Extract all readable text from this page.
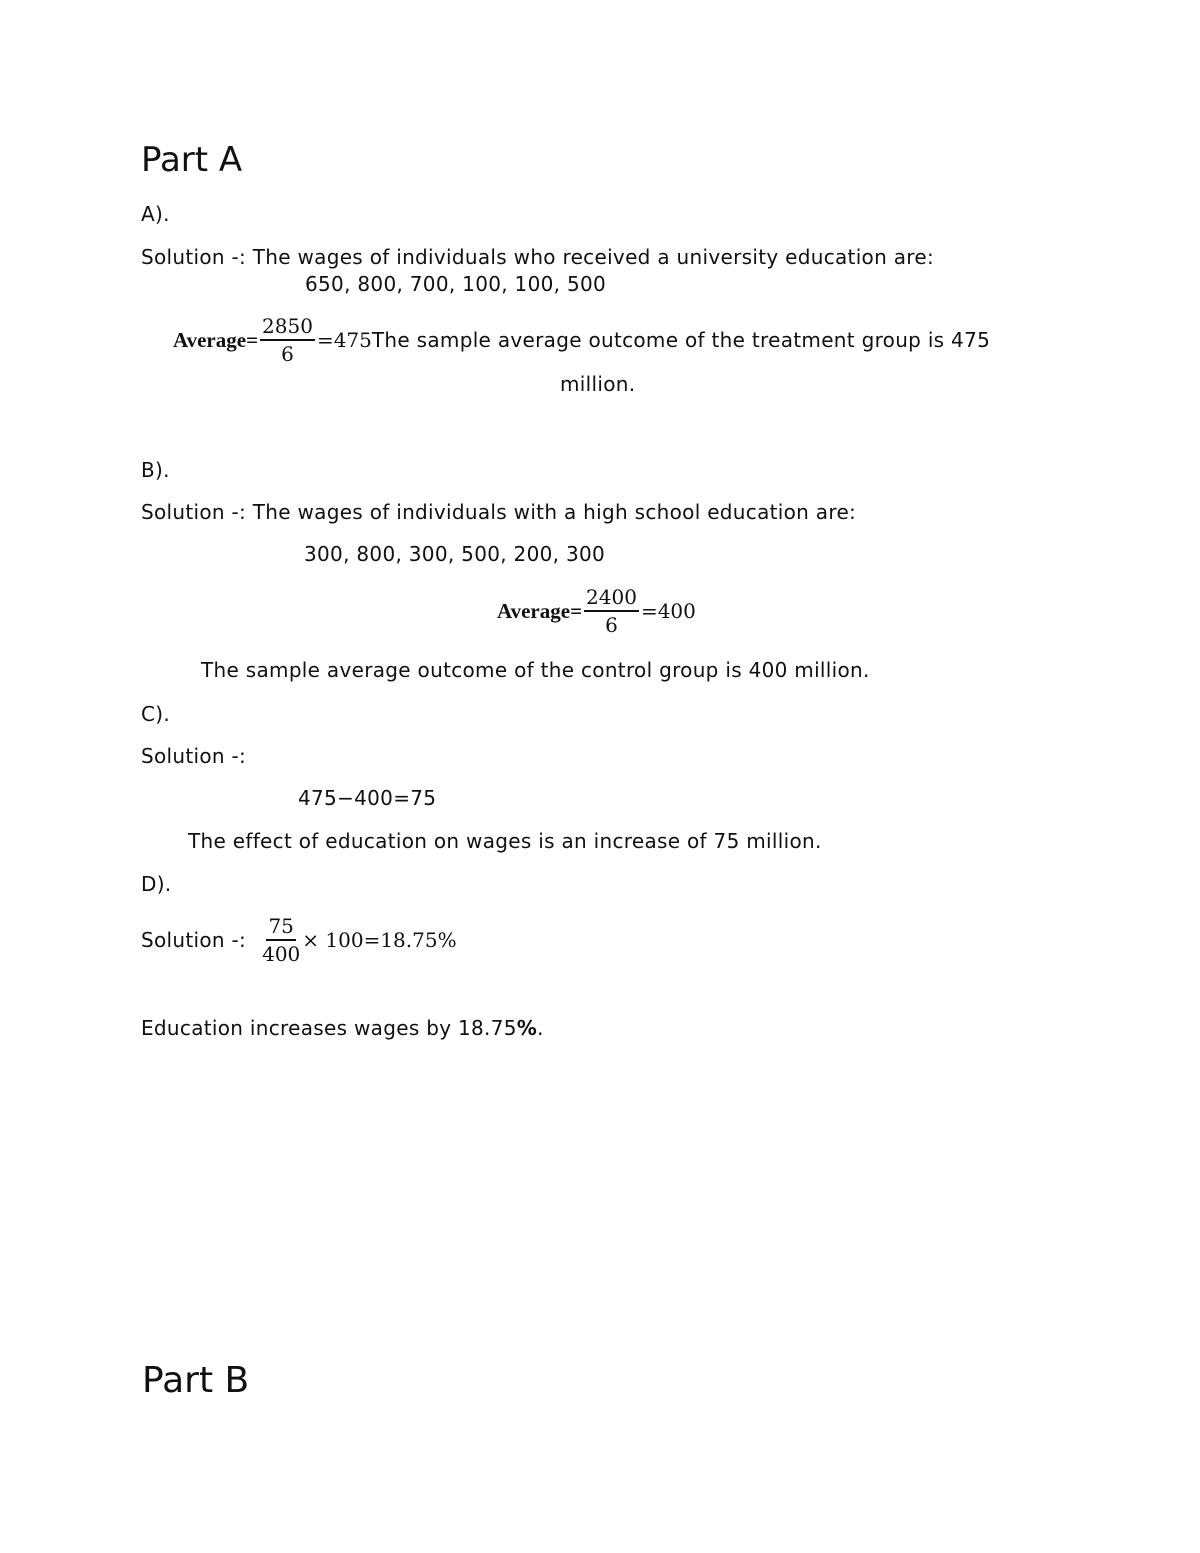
Part A
A).
Solution -: The wages of individuals who received a university education are:
650, 800, 700, 100, 100, 500
Average= $\frac{2850}{6} =475$ The sample average outcome of the treatment group is 475
million.
B).
Solution -: The wages of individuals with a high school education are:
300, 800, 300, 500, 200, 300
Average= $\frac{2400}{6} =400$
The sample average outcome of the control group is 400 million.
C).
Solution -:
475−400=75
The effect of education on wages is an increase of 75 million.
D).
Solution -: $\frac{75}{400} \times 100=18.75\%$
Education increases wages by 18.75%.
Part B
